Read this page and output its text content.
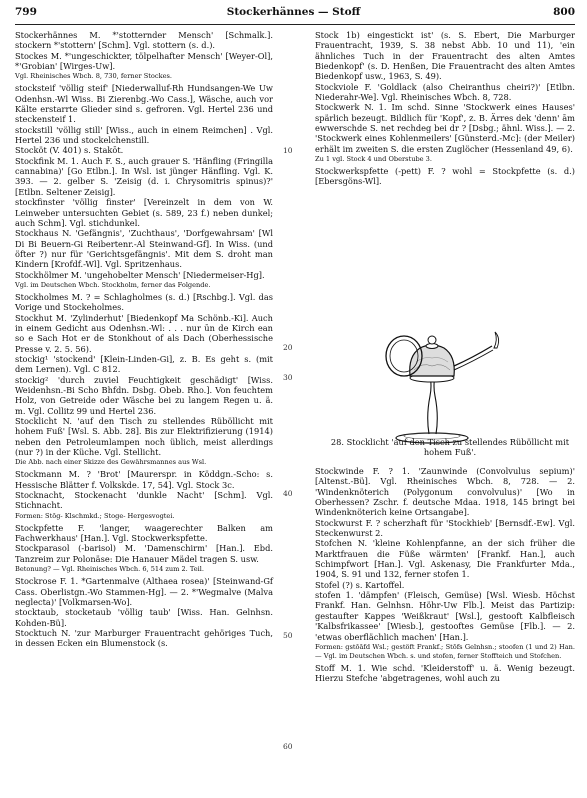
799	Stockerhännes — Stoff	800
10
20
30
40
50
60

Stockerhännes M. *'stotternder Mensch' [Schmalk.]. stockern *'stottern' [Schm]. Vgl. stottern (s. d.).

Stockes M. *'ungeschickter, tölpelhafter Mensch' [Weyer-Ol], *'Grobian' [Wirges-Uw].

Vgl. Rheinisches Wbch. 8, 730, ferner Stockes.

stocksteif 'völlig steif' [Niederwalluf-Rh Hundsangen-We Uw Odenhsn.-Wl Wiss. Bi Zierenbg.-Wo Cass.], Wäsche, auch vor Kälte erstarrte Glieder sind s. gefroren. Vgl. Hertel 236 und steckensteif 1.

stockstill 'völlig still' [Wiss., auch in einem Reimchen] . Vgl. Hertel 236 und stockelchenstill.

Stocköt (V. 401) s. Stakōt.

Stockfink M. 1. Auch F. S., auch grauer S. 'Hänfling (Fringilla cannabina)' [Go Etlbn.]. In Wsl. ist jünger Hänfling. Vgl. K. 393. — 2. gelber S. 'Zeisig (d. i. Chrysomitris spinus)?' [Etlbn. Seltener Zeisig].

stockfinster 'völlig finster' [Vereinzelt in dem von W. Leinweber untersuchten Gebiet (s. 589, 23 f.) neben dunkel; auch Schm]. Vgl. stichdunkel.

Stockhaus N. 'Gefängnis', 'Zuchthaus', 'Dorfgewahrsam' [Wl Di Bi Beuern-Gi Reibertenr.-Al Steinwand-Gf]. In Wiss. (und öfter ?) nur für 'Gerichtsgefängnis'. Mit dem S. droht man Kindern [Krofdf.-Wl]. Vgl. Spritzenhaus.

Stockhölmer M. 'ungehobelter Mensch' [Niedermeiser-Hg].

Vgl. im Deutschen Wbch. Stockholm, ferner das Folgende.

Stockholmes M. ? = Schlagholmes (s. d.) [Rschbg.]. Vgl. das Vorige und Stockeholmes.

Stockhut M. 'Zylinderhut' [Biedenkopf Ma Schönb.-Ki]. Auch in einem Gedicht aus Odenhsn.-Wl: . . . nur ūn de Kirch ean so e Sach Hot er de Stonkhout of als Dach (Oberhessische Presse v. 2. 5. 56).

stockig¹ 'stockend' [Klein-Linden-Gi], z. B. Es geht s. (mit dem Lernen). Vgl. C 812.

stockig² 'durch zuviel Feuchtigkeit geschädigt' [Wiss. Weidenhsn.-Bi Scho Bhfdn. Dsbg. Obeb. Rho.]. Von feuchtem Holz, von Getreide oder Wäsche bei zu langem Regen u. ä. m. Vgl. Collitz 99 und Hertel 236.

Stocklicht N. 'auf den Tisch zu stellendes Rüböllicht mit hohem Fuß' [Wsl. S. Abb. 28]. Bis zur Elektrifizierung (1914) neben den Petroleumlampen noch üblich, meist allerdings (nur ?) in der Küche. Vgl. Stellicht.

Die Abb. nach einer Skizze des Gewährsmannes aus Wsl.

Stockmann M. ? 'Brot' [Maurerspr. in Köddgn.-Scho: s. Hessische Blätter f. Volkskde. 17, 54]. Vgl. Stock 3c.

Stocknacht, Stockenacht 'dunkle Nacht' [Schm]. Vgl. Stichnacht.

Formen: Stōg- Klschmkd.; Stoge- Hergesvogtei.

Stockpfette F. 'langer, waagerechter Balken am Fachwerkhaus' [Han.]. Vgl. Stockwerkspfette.

Stockparasol (-barisol) M. 'Damenschirm' [Han.]. Ebd. Tanzreim zur Polonäse: Die Hanauer Mädel tragen S. usw.

Betonung? — Vgl. Rheinisches Wbch. 6, 514 zum 2. Teil.

Stockrose F. 1. *Gartenmalve (Althaea rosea)' [Steinwand-Gf Cass. Oberlistgn.-Wo Stammen-Hg]. — 2. *'Wegmalve (Malva neglecta)' [Volkmarsen-Wo].

stocktaub, stocketaub 'völlig taub' [Wiss. Han. Gelnhsn. Kohden-Bü].

Stocktuch N. 'zur Marburger Frauentracht gehöriges Tuch, in dessen Ecken ein Blumenstock (s.

Stock 1b) eingestickt ist' (s. S. Ebert, Die Marburger Frauentracht, 1939, S. 38 nebst Abb. 10 und 11), 'ein ähnliches Tuch in der Frauentracht des alten Amtes Biedenkopf' (s. D. Henßen, Die Frauentracht des alten Amtes Biedenkopf usw., 1963, S. 49).

Stockviole F. 'Goldlack (also Cheiranthus cheiri?)' [Etlbn. Niederahr-We]. Vgl. Rheinisches Wbch. 8, 728.

Stockwerk N. 1. Im schd. Sinne 'Stockwerk eines Hauses' spärlich bezeugt. Bildlich für 'Kopf', z. B. Ärres dek 'denn' ām ewwerschde S. net rechdeg bei dr ? [Dsbg.; ähnl. Wiss.]. — 2. 'Stockwerk eines Kohlenmeilers' [Günsterd.-Mc]: (der Meiler) erhält im zweiten S. die ersten Zuglöcher (Hessenland 49, 6).

Zu 1 vgl. Stock 4 und Oberstube 3.

Stockwerkspfette (-pett) F. ? wohl = Stockpfette (s. d.) [Ebersgöns-Wl].

28. Stocklicht 'auf den Tisch zu stellendes Rüböllicht mit hohem Fuß'.

Stockwinde F. ? 1. 'Zaunwinde (Convolvulus sepium)' [Altenst.-Bü]. Vgl. Rheinisches Wbch. 8, 728. — 2. 'Windenknöterich (Polygonum convolvulus)' [Wo in Oberhessen? Zschr. f. deutsche Mdaa. 1918, 145 bringt bei Windenknöterich keine Ortsangabe].

Stockwurst F. ? scherzhaft für 'Stockhieb' [Bernsdf.-Ew]. Vgl. Steckenwurst 2.

Stofchen N. 'kleine Kohlenpfanne, an der sich früher die Marktfrauen die Füße wärmten' [Frankf. Han.], auch Schimpfwort [Han.]. Vgl. Askenasy, Die Frankfurter Mda., 1904, S. 91 und 132, ferner stofen 1.

Stofel (?) s. Kartoffel.

stofen 1. 'dämpfen' (Fleisch, Gemüse) [Wsl. Wiesb. Höchst Frankf. Han. Gelnhsn. Höhr-Uw Flb.]. Meist das Partizip: gestaufter Kappes 'Weißkraut' [Wsl.], gestooft Kalbfleisch 'Kalbsfrikassee' [Wiesb.], gestooftes Gemüse [Flb.]. — 2. 'etwas oberflächlich machen' [Han.].

Formen: gstōāfd Wsl.; gestöft Frankf.; Stōfs Gelnhsn.; stoofen (1 und 2) Han. — Vgl. im Deutschen Wbch. s. und stofen, ferner Stoffteich und Stofchen.

Stoff M. 1. Wie schd. 'Kleiderstoff' u. ä. Wenig bezeugt. Hierzu Stefche 'abgetragenes, wohl auch zu
